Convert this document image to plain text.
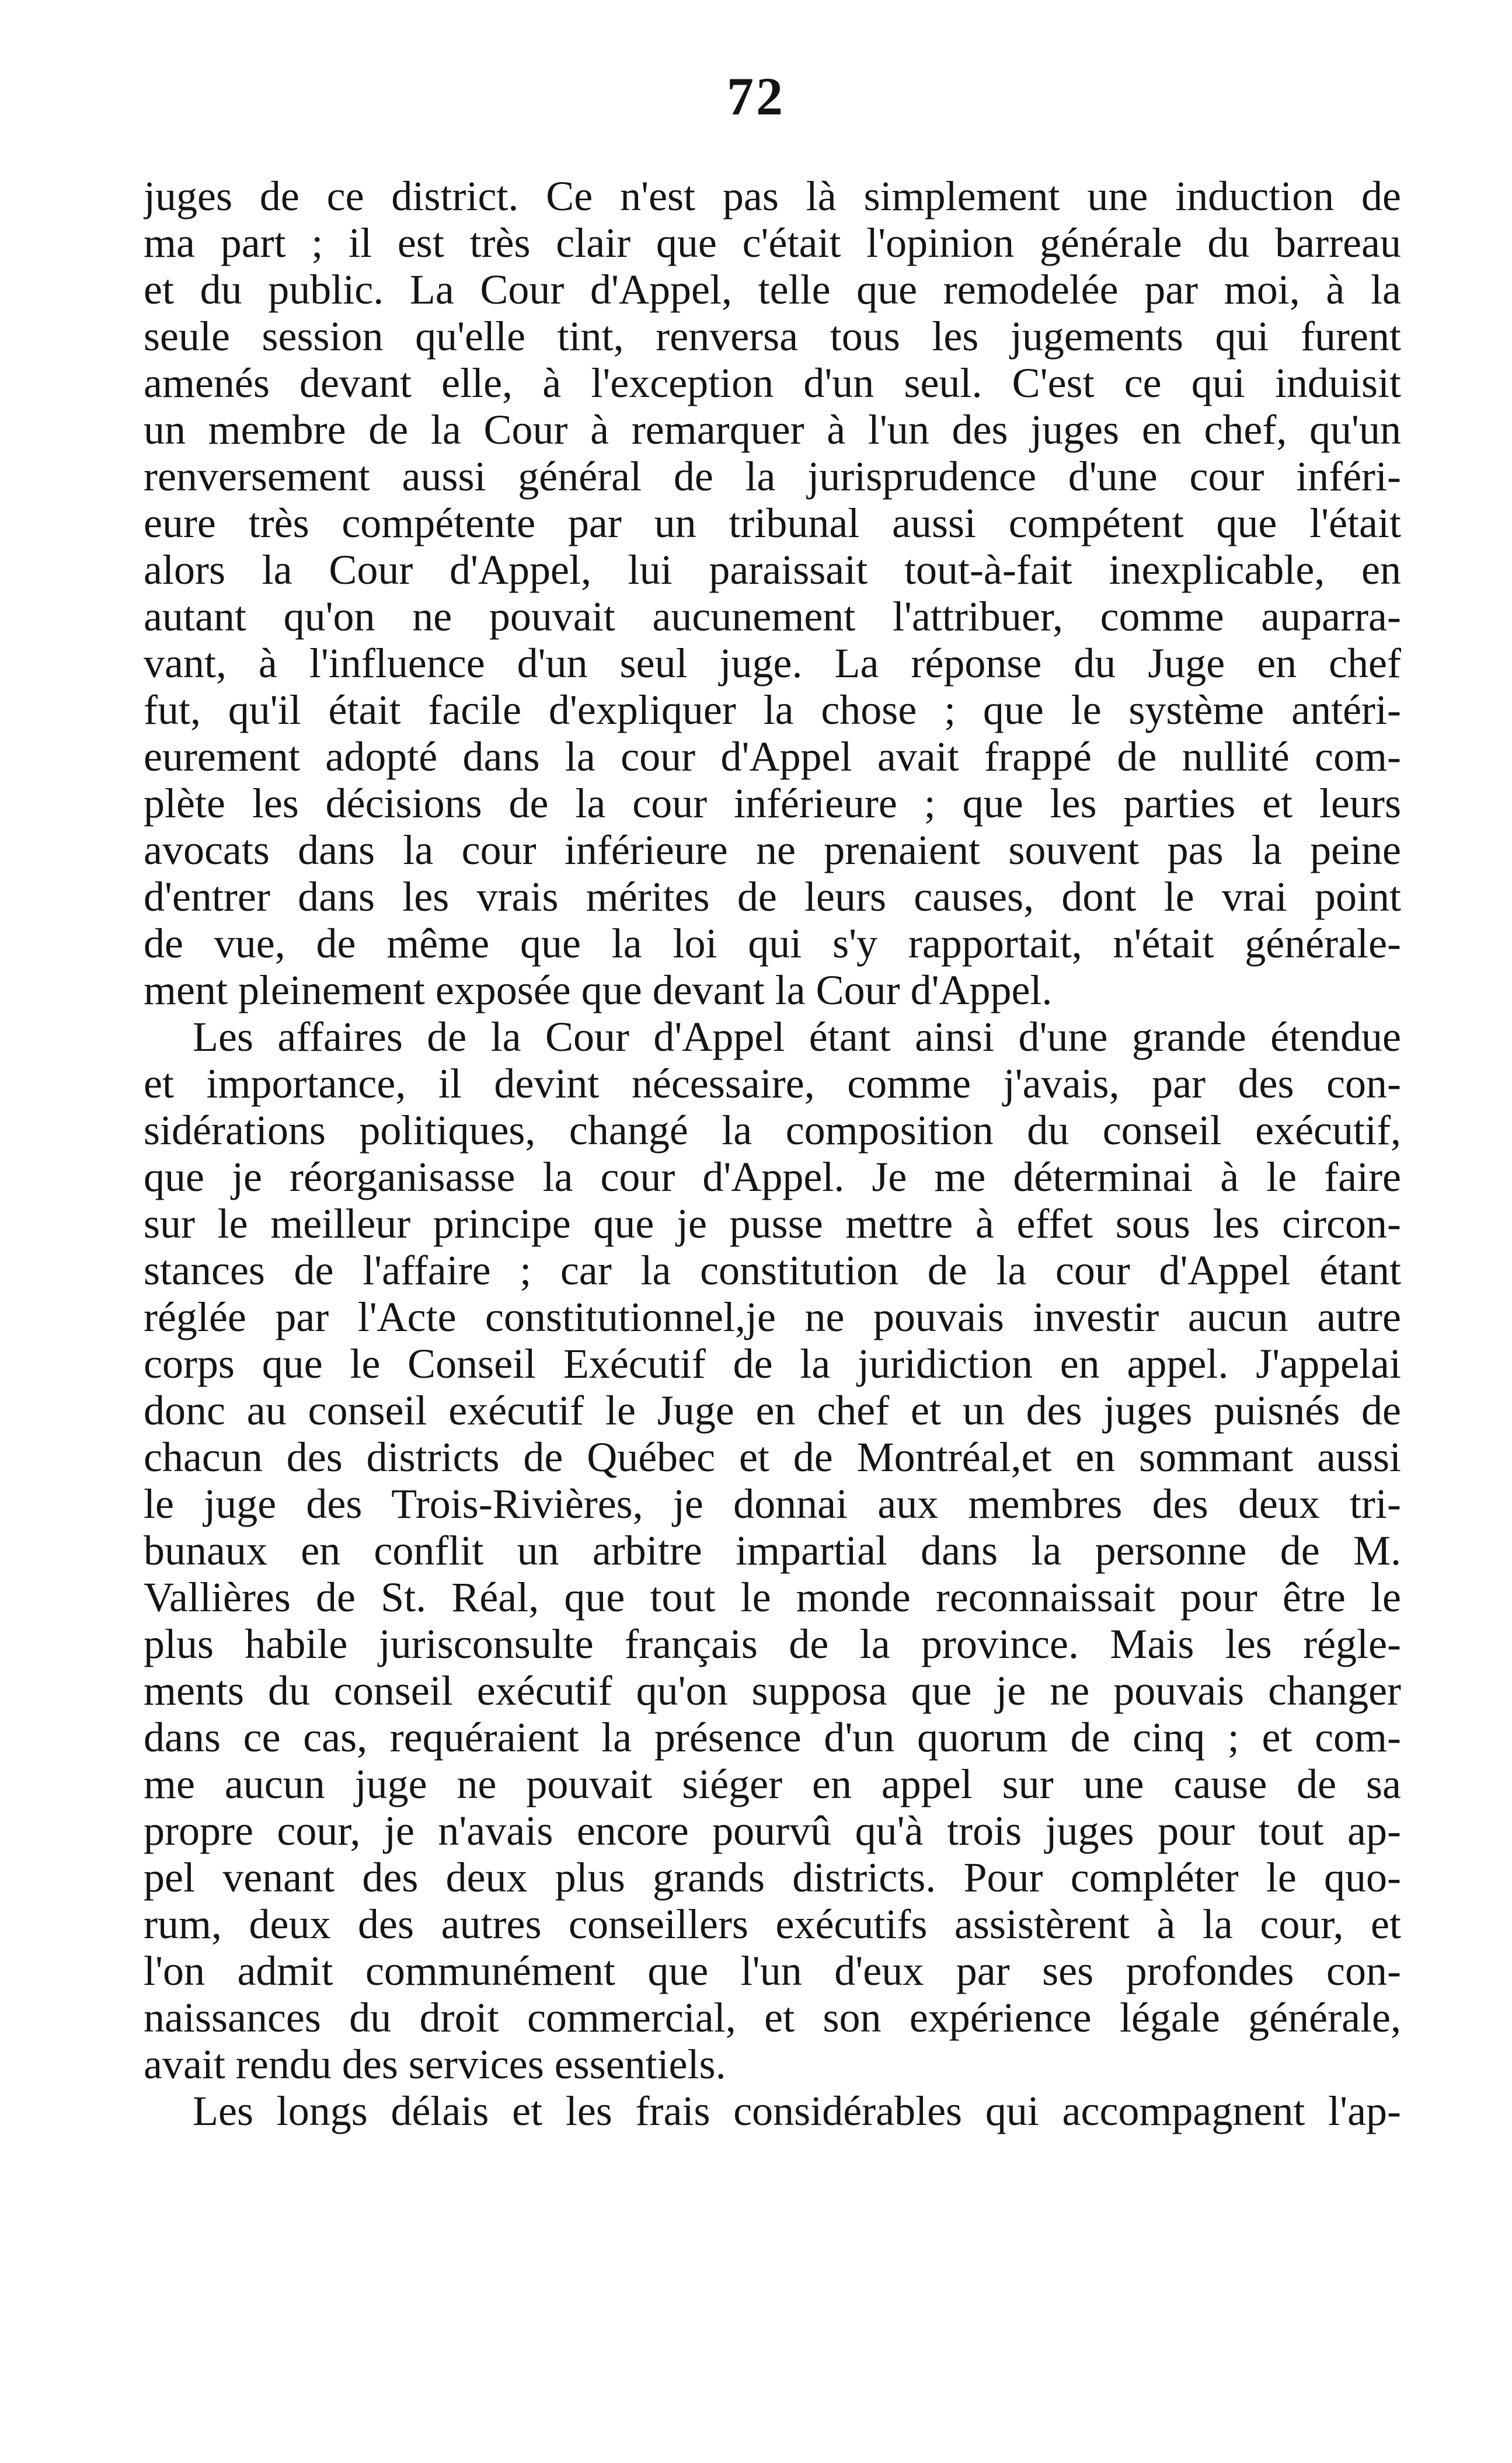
72
juges de ce district. Ce n'est pas là simplement une induction de
ma part ; il est très clair que c'était l'opinion générale du barreau
et du public. La Cour d'Appel, telle que remodelée par moi, à la
seule session qu'elle tint, renversa tous les jugements qui furent
amenés devant elle, à l'exception d'un seul. C'est ce qui induisit
un membre de la Cour à remarquer à l'un des juges en chef, qu'un
renversement aussi général de la jurisprudence d'une cour inféri-
eure très compétente par un tribunal aussi compétent que l'était
alors la Cour d'Appel, lui paraissait tout-à-fait inexplicable, en
autant qu'on ne pouvait aucunement l'attribuer, comme auparra-
vant, à l'influence d'un seul juge. La réponse du Juge en chef
fut, qu'il était facile d'expliquer la chose ; que le système antéri-
eurement adopté dans la cour d'Appel avait frappé de nullité com-
plète les décisions de la cour inférieure ; que les parties et leurs
avocats dans la cour inférieure ne prenaient souvent pas la peine
d'entrer dans les vrais mérites de leurs causes, dont le vrai point
de vue, de même que la loi qui s'y rapportait, n'était générale-
ment pleinement exposée que devant la Cour d'Appel.
Les affaires de la Cour d'Appel étant ainsi d'une grande étendue
et importance, il devint nécessaire, comme j'avais, par des con-
sidérations politiques, changé la composition du conseil exécutif,
que je réorganisasse la cour d'Appel. Je me déterminai à le faire
sur le meilleur principe que je pusse mettre à effet sous les circon-
stances de l'affaire ; car la constitution de la cour d'Appel étant
réglée par l'Acte constitutionnel,je ne pouvais investir aucun autre
corps que le Conseil Exécutif de la juridiction en appel. J'appelai
donc au conseil exécutif le Juge en chef et un des juges puisnés de
chacun des districts de Québec et de Montréal,et en sommant aussi
le juge des Trois-Rivières, je donnai aux membres des deux tri-
bunaux en conflit un arbitre impartial dans la personne de M.
Vallières de St. Réal, que tout le monde reconnaissait pour être le
plus habile jurisconsulte français de la province. Mais les régle-
ments du conseil exécutif qu'on supposa que je ne pouvais changer
dans ce cas, requéraient la présence d'un quorum de cinq ; et com-
me aucun juge ne pouvait siéger en appel sur une cause de sa
propre cour, je n'avais encore pourvû qu'à trois juges pour tout ap-
pel venant des deux plus grands districts. Pour compléter le quo-
rum, deux des autres conseillers exécutifs assistèrent à la cour, et
l'on admit communément que l'un d'eux par ses profondes con-
naissances du droit commercial, et son expérience légale générale,
avait rendu des services essentiels.
Les longs délais et les frais considérables qui accompagnent l'ap-
